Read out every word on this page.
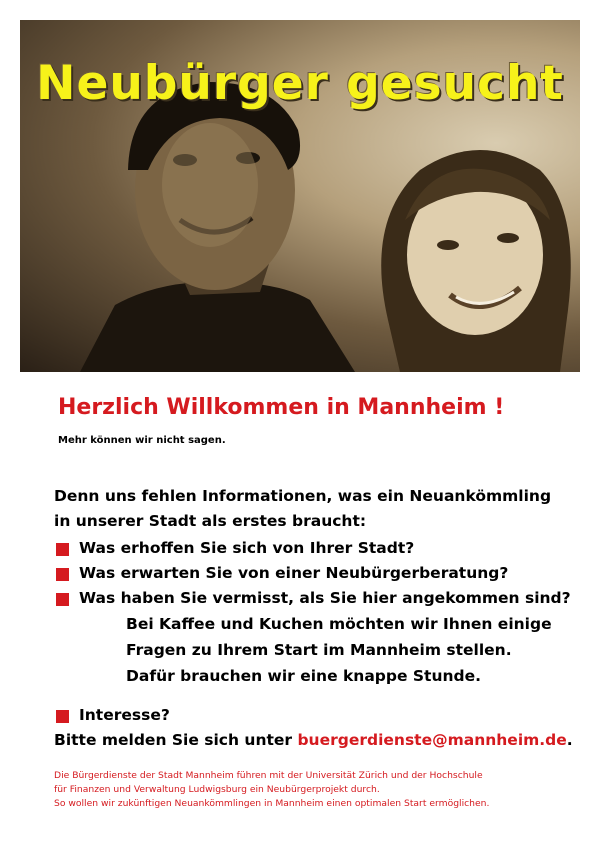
Neubürger gesucht
Herzlich Willkommen in Mannheim !
Mehr können wir nicht sagen.
Denn uns fehlen Informationen, was ein Neuankömmling
in unserer Stadt als erstes braucht:
Was erhoffen Sie sich von Ihrer Stadt?
Was erwarten Sie von einer Neubürgerberatung?
Was haben Sie vermisst, als Sie hier angekommen sind?
Bei Kaffee und Kuchen möchten wir Ihnen einige
Fragen zu Ihrem Start im Mannheim stellen.
Dafür brauchen wir eine knappe Stunde.
Interesse?
Bitte melden Sie sich unter buergerdienste@mannheim.de.
Die Bürgerdienste der Stadt Mannheim führen mit der Universität Zürich und der Hochschule
für Finanzen und Verwaltung Ludwigsburg ein Neubürgerprojekt durch.
So wollen wir zukünftigen Neuankömmlingen in Mannheim einen optimalen Start ermöglichen.
